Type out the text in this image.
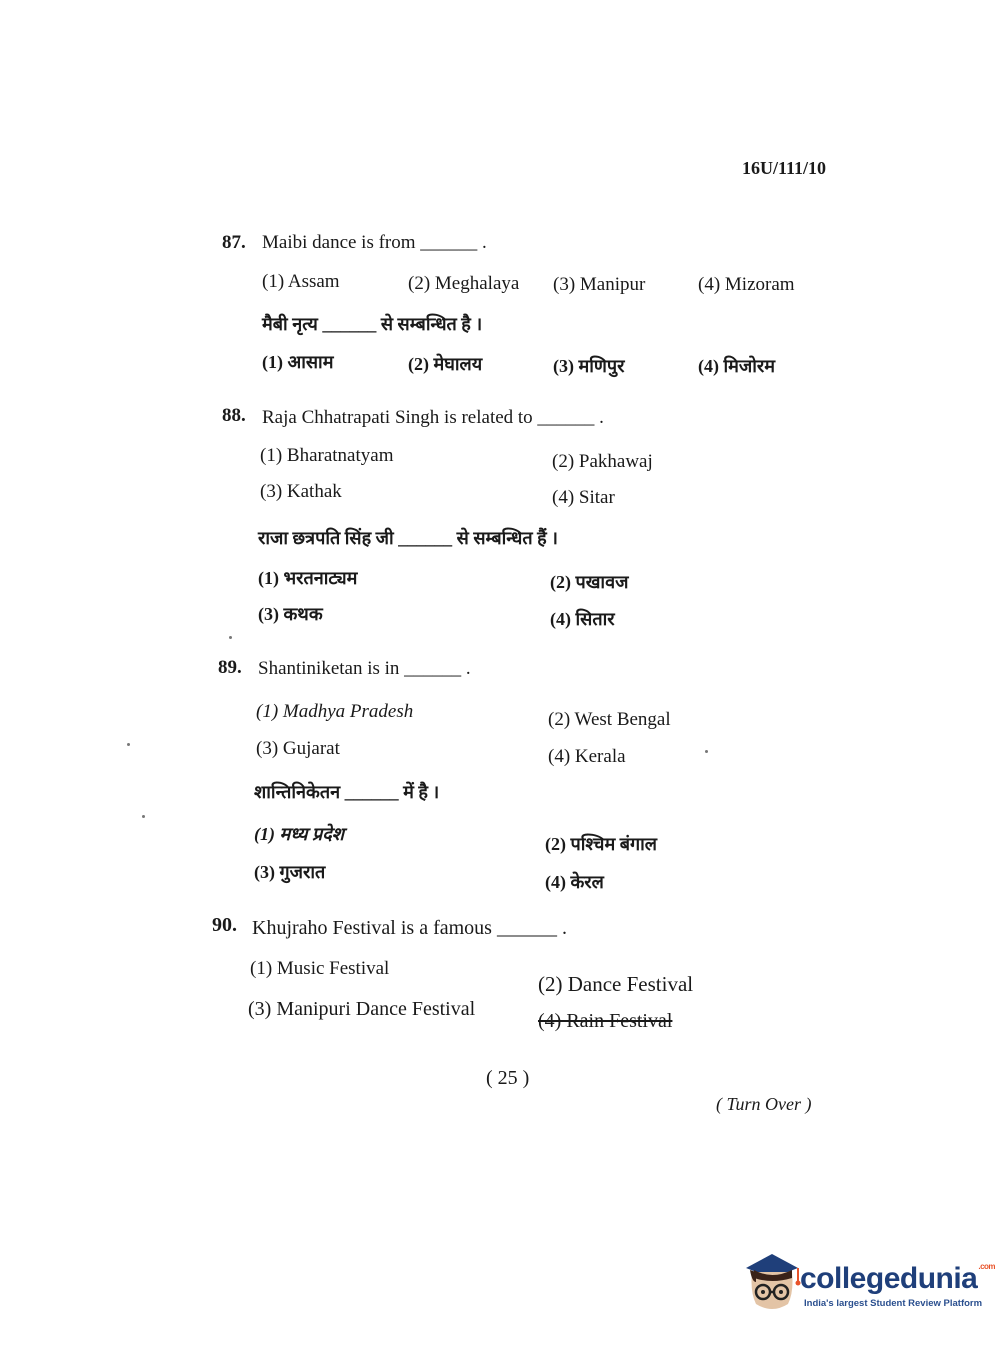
16U/111/10
87. Maibi dance is from ______ .
(1) Assam	(2) Meghalaya (3) Manipur	(4) Mizoram
मैबी नृत्य ______ से सम्बन्धित है ।
(1) आसाम	(2) मेघालय	(3) मणिपुर	(4) मिजोरम
88. Raja Chhatrapati Singh is related to ______ .
(1) Bharatnatyam	(2) Pakhawaj
(3) Kathak	(4) Sitar
राजा छत्रपति सिंह जी ______ से सम्बन्धित हैं ।
(1) भरतनाट्यम	(2) पखावज
(3) कथक	(4) सितार
89. Shantiniketan is in ______ .
(1) Madhya Pradesh	(2) West Bengal
(3) Gujarat	(4) Kerala
शान्तिनिकेतन ______ में है ।
(1) मध्य प्रदेश	(2) पश्चिम बंगाल
(3) गुजरात	(4) केरल
90. Khujraho Festival is a famous ______ .
(1) Music Festival
(2) Dance Festival
(3) Manipuri Dance Festival
(4) Rain Festival
( 25 )
( Turn Over )
collegedunia$^{.com}$
India's largest Student Review Platform
